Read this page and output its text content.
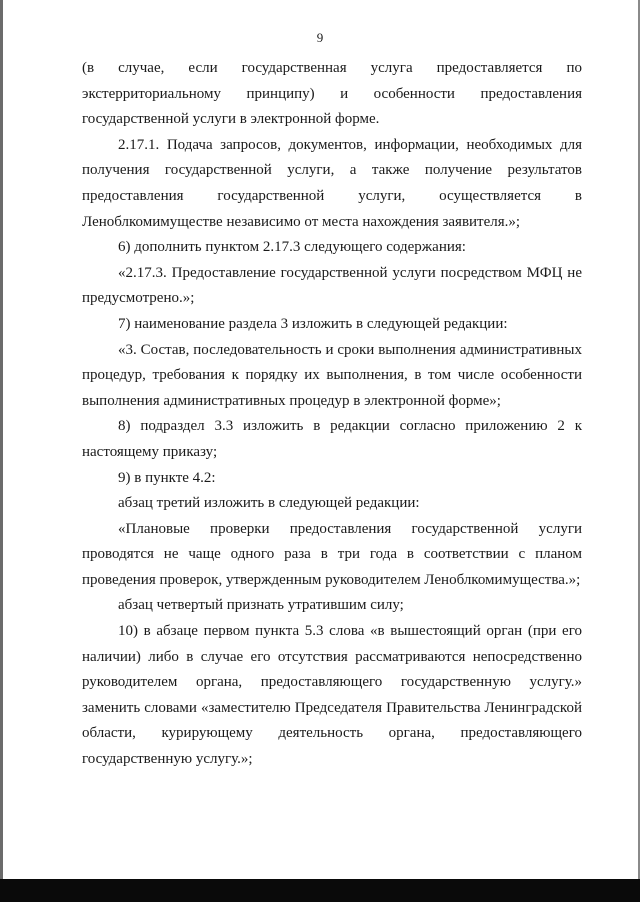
9

(в случае, если государственная услуга предоставляется по экстерриториальному принципу) и особенности предоставления государственной услуги в электронной форме.

2.17.1. Подача запросов, документов, информации, необходимых для получения государственной услуги, а также получение результатов предоставления государственной услуги, осуществляется в Леноблкомимуществе независимо от места нахождения заявителя.»;

6) дополнить пунктом 2.17.3 следующего содержания:

«2.17.3. Предоставление государственной услуги посредством МФЦ не предусмотрено.»;

7) наименование раздела 3 изложить в следующей редакции:

«3. Состав, последовательность и сроки выполнения административных процедур, требования к порядку их выполнения, в том числе особенности выполнения административных процедур в электронной форме»;

8) подраздел 3.3 изложить в редакции согласно приложению 2 к настоящему приказу;

9) в пункте 4.2:

абзац третий изложить в следующей редакции:

«Плановые проверки предоставления государственной услуги проводятся не чаще одного раза в три года в соответствии с планом проведения проверок, утвержденным руководителем Леноблкомимущества.»;

абзац четвертый признать утратившим силу;

10) в абзаце первом пункта 5.3 слова «в вышестоящий орган (при его наличии) либо в случае его отсутствия рассматриваются непосредственно руководителем органа, предоставляющего государственную услугу.» заменить словами «заместителю Председателя Правительства Ленинградской области, курирующему деятельность органа, предоставляющего государственную услугу.»;
